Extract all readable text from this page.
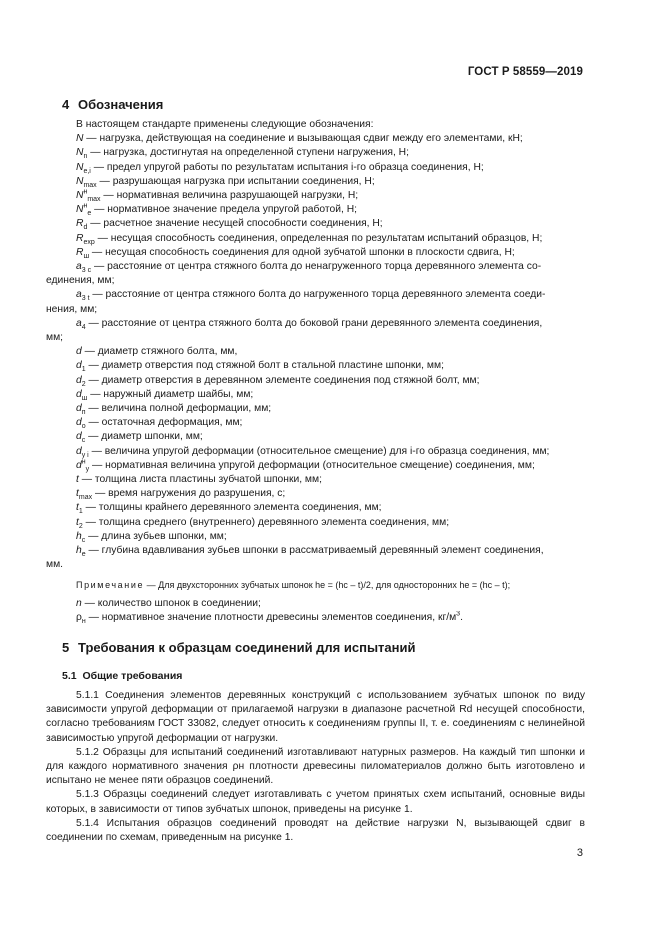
ГОСТ Р 58559—2019
4 Обозначения
В настоящем стандарте применены следующие обозначения:
N — нагрузка, действующая на соединение и вызывающая сдвиг между его элементами, кН;
$N_n$ — нагрузка, достигнутая на определенной ступени нагружения, Н;
$N_{e,i}$ — предел упругой работы по результатам испытания i-го образца соединения, Н;
$N_{max}$ — разрушающая нагрузка при испытании соединения, Н;
$N^н_{max}$ — нормативная величина разрушающей нагрузки, Н;
$N^н_e$ — нормативное значение предела упругой работой, Н;
$R_d$ — расчетное значение несущей способности соединения, Н;
$R_{exp}$ — несущая способность соединения, определенная по результатам испытаний образцов, Н;
$R_ш$ — несущая способность соединения для одной зубчатой шпонки в плоскости сдвига, Н;
$a_{3 c}$ — расстояние от центра стяжного болта до ненагруженного торца деревянного элемента со-
единения, мм;
$a_{3 t}$ — расстояние от центра стяжного болта до нагруженного торца деревянного элемента соеди-
нения, мм;
$a_4$ — расстояние от центра стяжного болта до боковой грани деревянного элемента соединения,
мм;
d — диаметр стяжного болта, мм,
$d_1$ — диаметр отверстия под стяжной болт в стальной пластине шпонки, мм;
$d_2$ — диаметр отверстия в деревянном элементе соединения под стяжной болт, мм;
$d_ш$ — наружный диаметр шайбы, мм;
$d_п$ — величина полной деформации, мм;
$d_о$ — остаточная деформация, мм;
$d_c$ — диаметр шпонки, мм;
$d_{y i}$ — величина упругой деформации (относительное смещение) для i-го образца соединения, мм;
$d^н_y$ — нормативная величина упругой деформации (относительное смещение) соединения, мм;
t — толщина листа пластины зубчатой шпонки, мм;
$t_{max}$ — время нагружения до разрушения, с;
$t_1$ — толщины крайнего деревянного элемента соединения, мм;
$t_2$ — толщина среднего (внутреннего) деревянного элемента соединения, мм;
$h_c$ — длина зубьев шпонки, мм;
$h_e$ — глубина вдавливания зубьев шпонки в рассматриваемый деревянный элемент соединения,
мм.
Примечание — Для двухсторонних зубчатых шпонок he = (hc – t)/2, для односторонних he = (hc – t);
n — количество шпонок в соединении;
$\rho_н$ — нормативное значение плотности древесины элементов соединения, $кг/м^3$.
5 Требования к образцам соединений для испытаний
5.1 Общие требования

5.1.1 Соединения элементов деревянных конструкций с использованием зубчатых шпонок по виду зависимости упругой деформации от прилагаемой нагрузки в диапазоне расчетной Rd несущей способности, согласно требованиям ГОСТ 33082, следует относить к соединениям группы II, т. е. соединениям с нелинейной зависимостью упругой деформации от нагрузки.

5.1.2 Образцы для испытаний соединений изготавливают натурных размеров. На каждый тип шпонки и для каждого нормативного значения ρн плотности древесины пиломатериалов должно быть изготовлено и испытано не менее пяти образцов соединений.

5.1.3 Образцы соединений следует изготавливать с учетом принятых схем испытаний, основные виды которых, в зависимости от типов зубчатых шпонок, приведены на рисунке 1.

5.1.4 Испытания образцов соединений проводят на действие нагрузки N, вызывающей сдвиг в соединении по схемам, приведенным на рисунке 1.

3
